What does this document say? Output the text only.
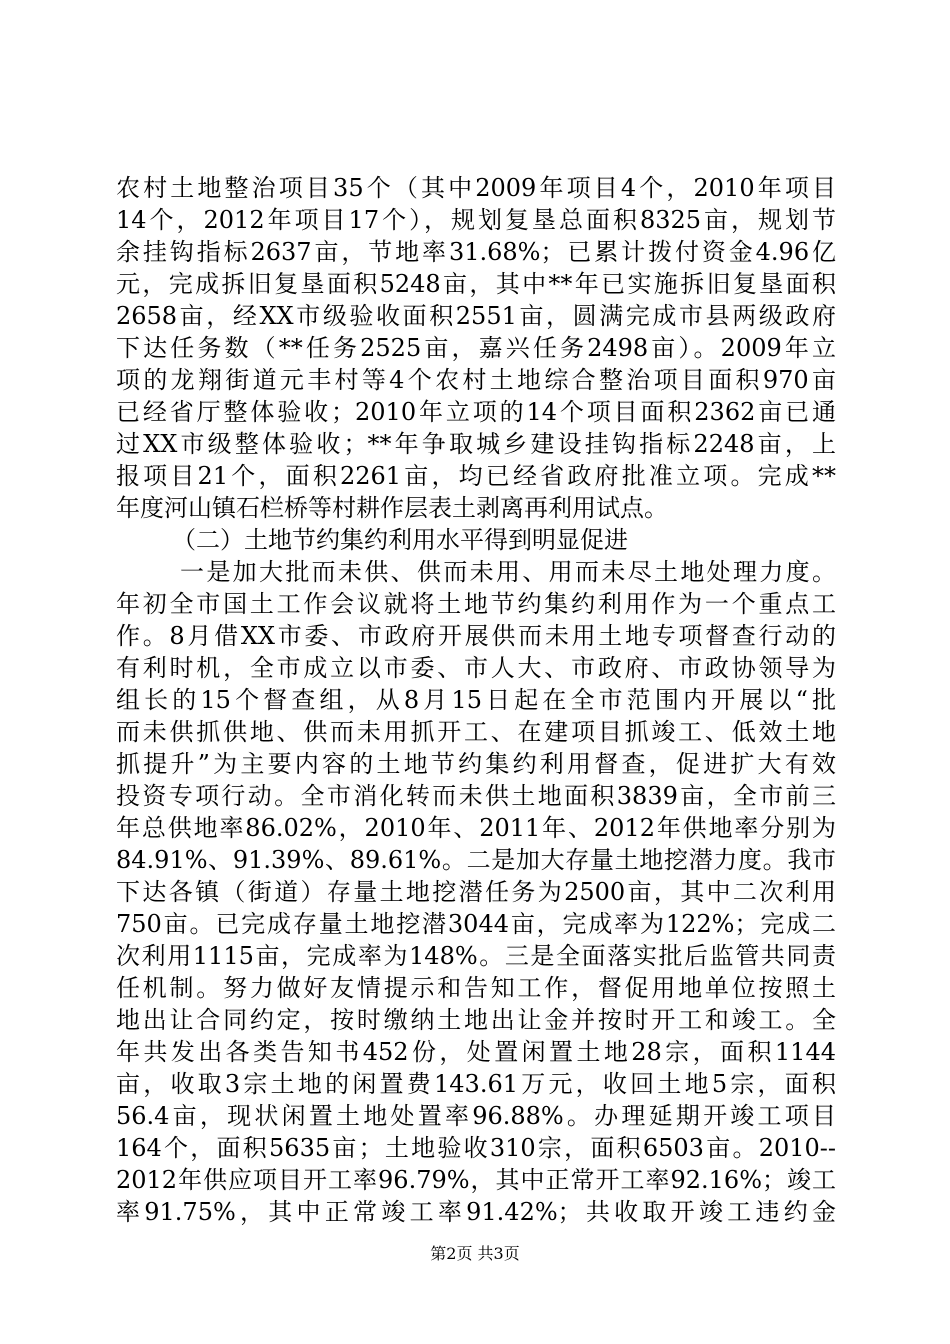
农村土地整治项目35个（其中2009年项目4个，2010年项目
14个，2012年项目17个），规划复垦总面积8325亩，规划节
余挂钩指标2637亩，节地率31.68%；已累计拨付资金4.96亿
元，完成拆旧复垦面积5248亩，其中**年已实施拆旧复垦面积
2658亩，经XX市级验收面积2551亩，圆满完成市县两级政府
下达任务数（**任务2525亩，嘉兴任务2498亩）。2009年立
项的龙翔街道元丰村等4个农村土地综合整治项目面积970亩
已经省厅整体验收；2010年立项的14个项目面积2362亩已通
过XX市级整体验收；**年争取城乡建设挂钩指标2248亩，上
报项目21个，面积2261亩，均已经省政府批准立项。完成**
年度河山镇石栏桥等村耕作层表土剥离再利用试点。
（二）土地节约集约利用水平得到明显促进
一是加大批而未供、供而未用、用而未尽土地处理力度。
年初全市国土工作会议就将土地节约集约利用作为一个重点工
作。8月借XX市委、市政府开展供而未用土地专项督查行动的
有利时机，全市成立以市委、市人大、市政府、市政协领导为
组长的15个督查组，从8月15日起在全市范围内开展以“批
而未供抓供地、供而未用抓开工、在建项目抓竣工、低效土地
抓提升”为主要内容的土地节约集约利用督查，促进扩大有效
投资专项行动。全市消化转而未供土地面积3839亩，全市前三
年总供地率86.02%，2010年、2011年、2012年供地率分别为
84.91%、91.39%、89.61%。二是加大存量土地挖潜力度。我市
下达各镇（街道）存量土地挖潜任务为2500亩，其中二次利用
750亩。已完成存量土地挖潜3044亩，完成率为122%；完成二
次利用1115亩，完成率为148%。三是全面落实批后监管共同责
任机制。努力做好友情提示和告知工作，督促用地单位按照土
地出让合同约定，按时缴纳土地出让金并按时开工和竣工。全
年共发出各类告知书452份，处置闲置土地28宗，面积1144
亩，收取3宗土地的闲置费143.61万元，收回土地5宗，面积
56.4亩，现状闲置土地处置率96.88%。办理延期开竣工项目
164个，面积5635亩；土地验收310宗，面积6503亩。2010--
2012年供应项目开工率96.79%，其中正常开工率92.16%；竣工
率91.75%，其中正常竣工率91.42%；共收取开竣工违约金
第2页 共3页
